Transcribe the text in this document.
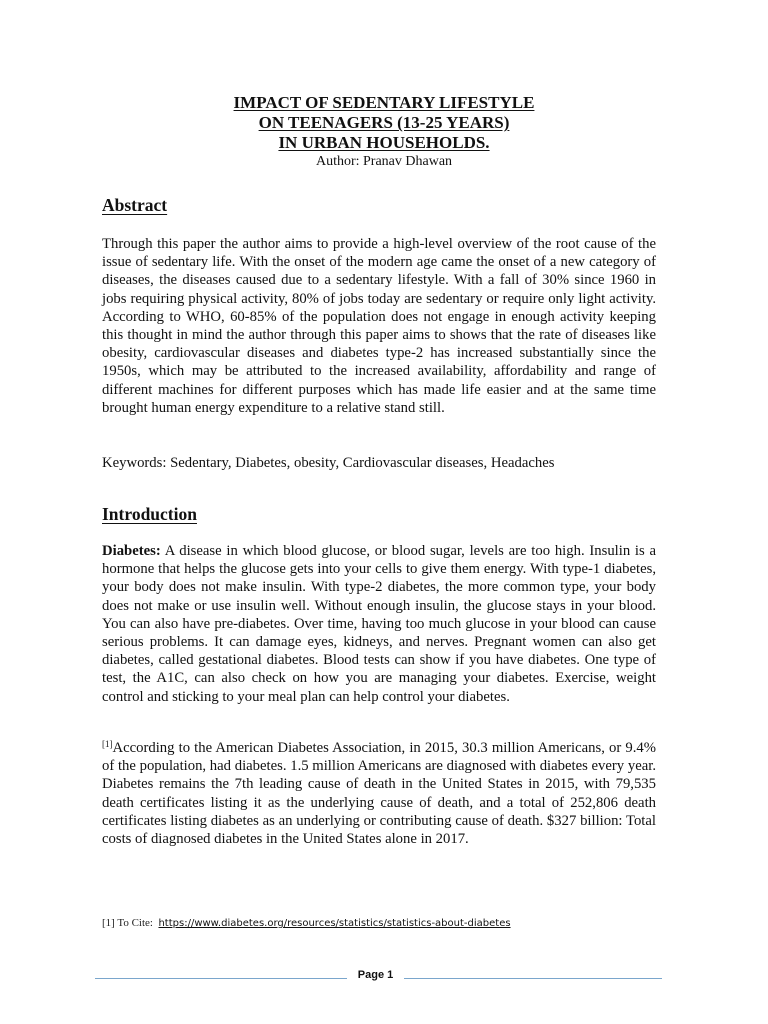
IMPACT OF SEDENTARY LIFESTYLE
ON TEENAGERS (13-25 YEARS)
IN URBAN HOUSEHOLDS.
Author: Pranav Dhawan
Abstract

Through this paper the author aims to provide a high-level overview of the root cause of the issue of sedentary life. With the onset of the modern age came the onset of a new category of diseases, the diseases caused due to a sedentary lifestyle. With a fall of 30% since 1960 in jobs requiring physical activity, 80% of jobs today are sedentary or require only light activity. According to WHO, 60-85% of the population does not engage in enough activity keeping this thought in mind the author through this paper aims to shows that the rate of diseases like obesity, cardiovascular diseases and diabetes type-2 has increased substantially since the 1950s, which may be attributed to the increased availability, affordability and range of different machines for different purposes which has made life easier and at the same time brought human energy expenditure to a relative stand still.

Keywords: Sedentary, Diabetes, obesity, Cardiovascular diseases, Headaches

Introduction

Diabetes: A disease in which blood glucose, or blood sugar, levels are too high. Insulin is a hormone that helps the glucose gets into your cells to give them energy. With type-1 diabetes, your body does not make insulin. With type-2 diabetes, the more common type, your body does not make or use insulin well. Without enough insulin, the glucose stays in your blood. You can also have pre-diabetes. Over time, having too much glucose in your blood can cause serious problems. It can damage eyes, kidneys, and nerves. Pregnant women can also get diabetes, called gestational diabetes. Blood tests can show if you have diabetes. One type of test, the A1C, can also check on how you are managing your diabetes. Exercise, weight control and sticking to your meal plan can help control your diabetes.

[1]According to the American Diabetes Association, in 2015, 30.3 million Americans, or 9.4% of the population, had diabetes. 1.5 million Americans are diagnosed with diabetes every year. Diabetes remains the 7th leading cause of death in the United States in 2015, with 79,535 death certificates listing it as the underlying cause of death, and a total of 252,806 death certificates listing diabetes as an underlying or contributing cause of death. $327 billion: Total costs of diagnosed diabetes in the United States alone in 2017.

[1] To Cite: https://www.diabetes.org/resources/statistics/statistics-about-diabetes
Page 1
